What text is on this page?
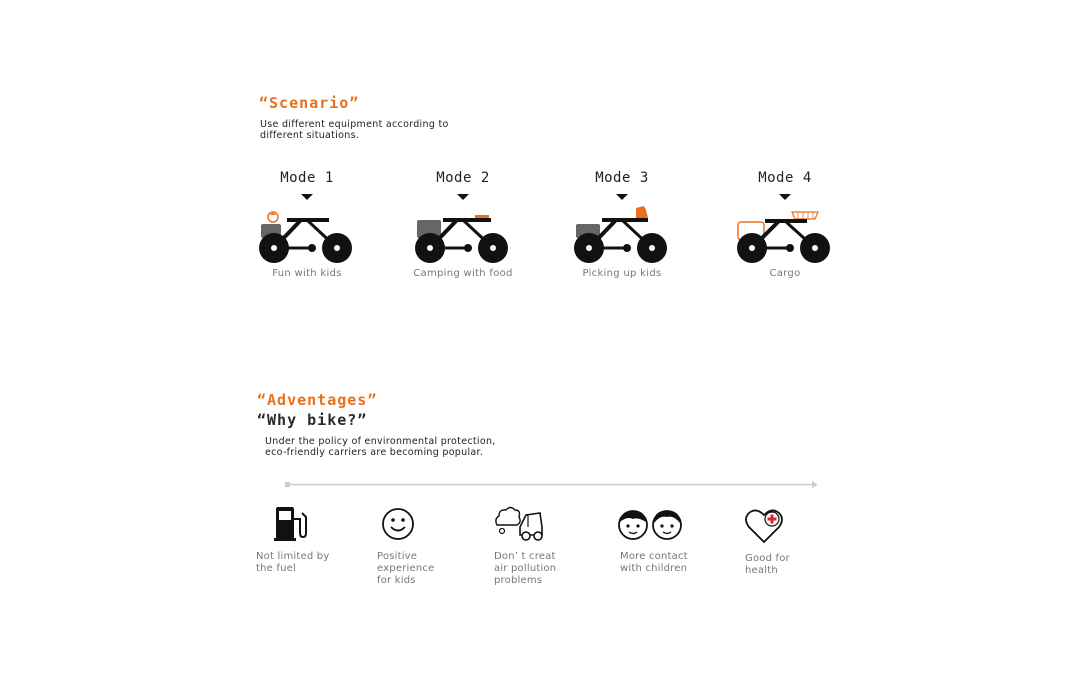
“Scenario”
Use different equipment according to
different situations.
Mode 1
Fun with kids
Mode 2
Camping with food
Mode 3
Picking up kids
Mode 4
Cargo
“Adventages”
“Why bike?”
Under the policy of environmental protection,
eco-friendly carriers are becoming popular.
Not limited by
the fuel
Positive
experience
for kids
Don’ t creat
air pollution
problems
More contact
with children
Good for
health
